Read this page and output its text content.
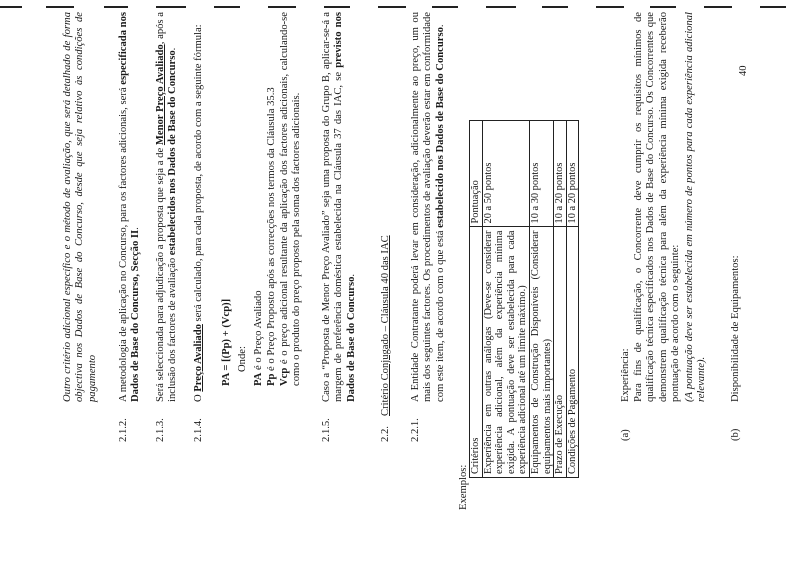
40
Outro critério adicional específico e o método de avaliação, que será detalhado de forma objectiva nos Dados de Base do Concurso, desde que seja relativo às condições de pagamento
2.1.2.
A metodologia de aplicação no Concurso, para os factores adicionais, será especificada nos Dados de Base do Concurso, Secção II.
2.1.3.
Será seleccionada para adjudicação a proposta que seja a de Menor Preço Avaliado, após a inclusão dos factores de avaliação estabelecidos nos Dados de Base do Concurso.
2.1.4.
O Preço Avaliado será calculado, para cada proposta, de acordo com a seguinte fórmula:
PA = [(Pp) + (Vcp)] Onde:
PA é o Preço Avaliado
Pp é o Preço Proposto após as correcções nos termos da Cláusula 35.3
Vcp é o preço adicional resultante da aplicação dos factores adicionais, calculando-se como o produto do preço proposto pela soma dos factores adicionais.
2.1.5.
Caso a “Proposta de Menor Preço Avaliado” seja uma proposta do Grupo B, aplicar-se-á a margem de preferência doméstica estabelecida na Cláusula 37 das IAC, se previsto nos Dados de Base do Concurso.
2.2.
Critério Conjugado – Cláusula 40 das IAC
2.2.1.
A Entidade Contratante poderá levar em consideração, adicionalmente ao preço, um ou mais dos seguintes factores. Os procedimentos de avaliação deverão estar em conformidade com este item, de acordo com o que está estabelecido nos Dados de Base do Concurso.
Exemplos:
Critérios	Pontuação
Experiência em outras análogas (Deve-se considerar experiência adicional, além da experiência mínima exigida. A pontuação deve ser estabelecida para cada experiência adicional até um limite máximo.)	20 a 50 pontos
Equipamentos de Construção Disponíveis (Considerar equipamentos mais importantes)	10 a 30 pontos
Prazo de Execução	10 a 20 pontos
Condições de Pagamento	10 a 20 pontos
(a)
Experiência: Para fins de qualificação, o Concorrente deve cumprir os requisitos mínimos de qualificação técnica especificados nos Dados de Base do Concurso. Os Concorrentes que demonstrem qualificação técnica para além da experiência mínima exigida receberão pontuação de acordo com o seguinte: (A pontuação deve ser estabelecida em número de pontos para cada experiência adicional relevante).
(b)
Disponibilidade de Equipamentos:
